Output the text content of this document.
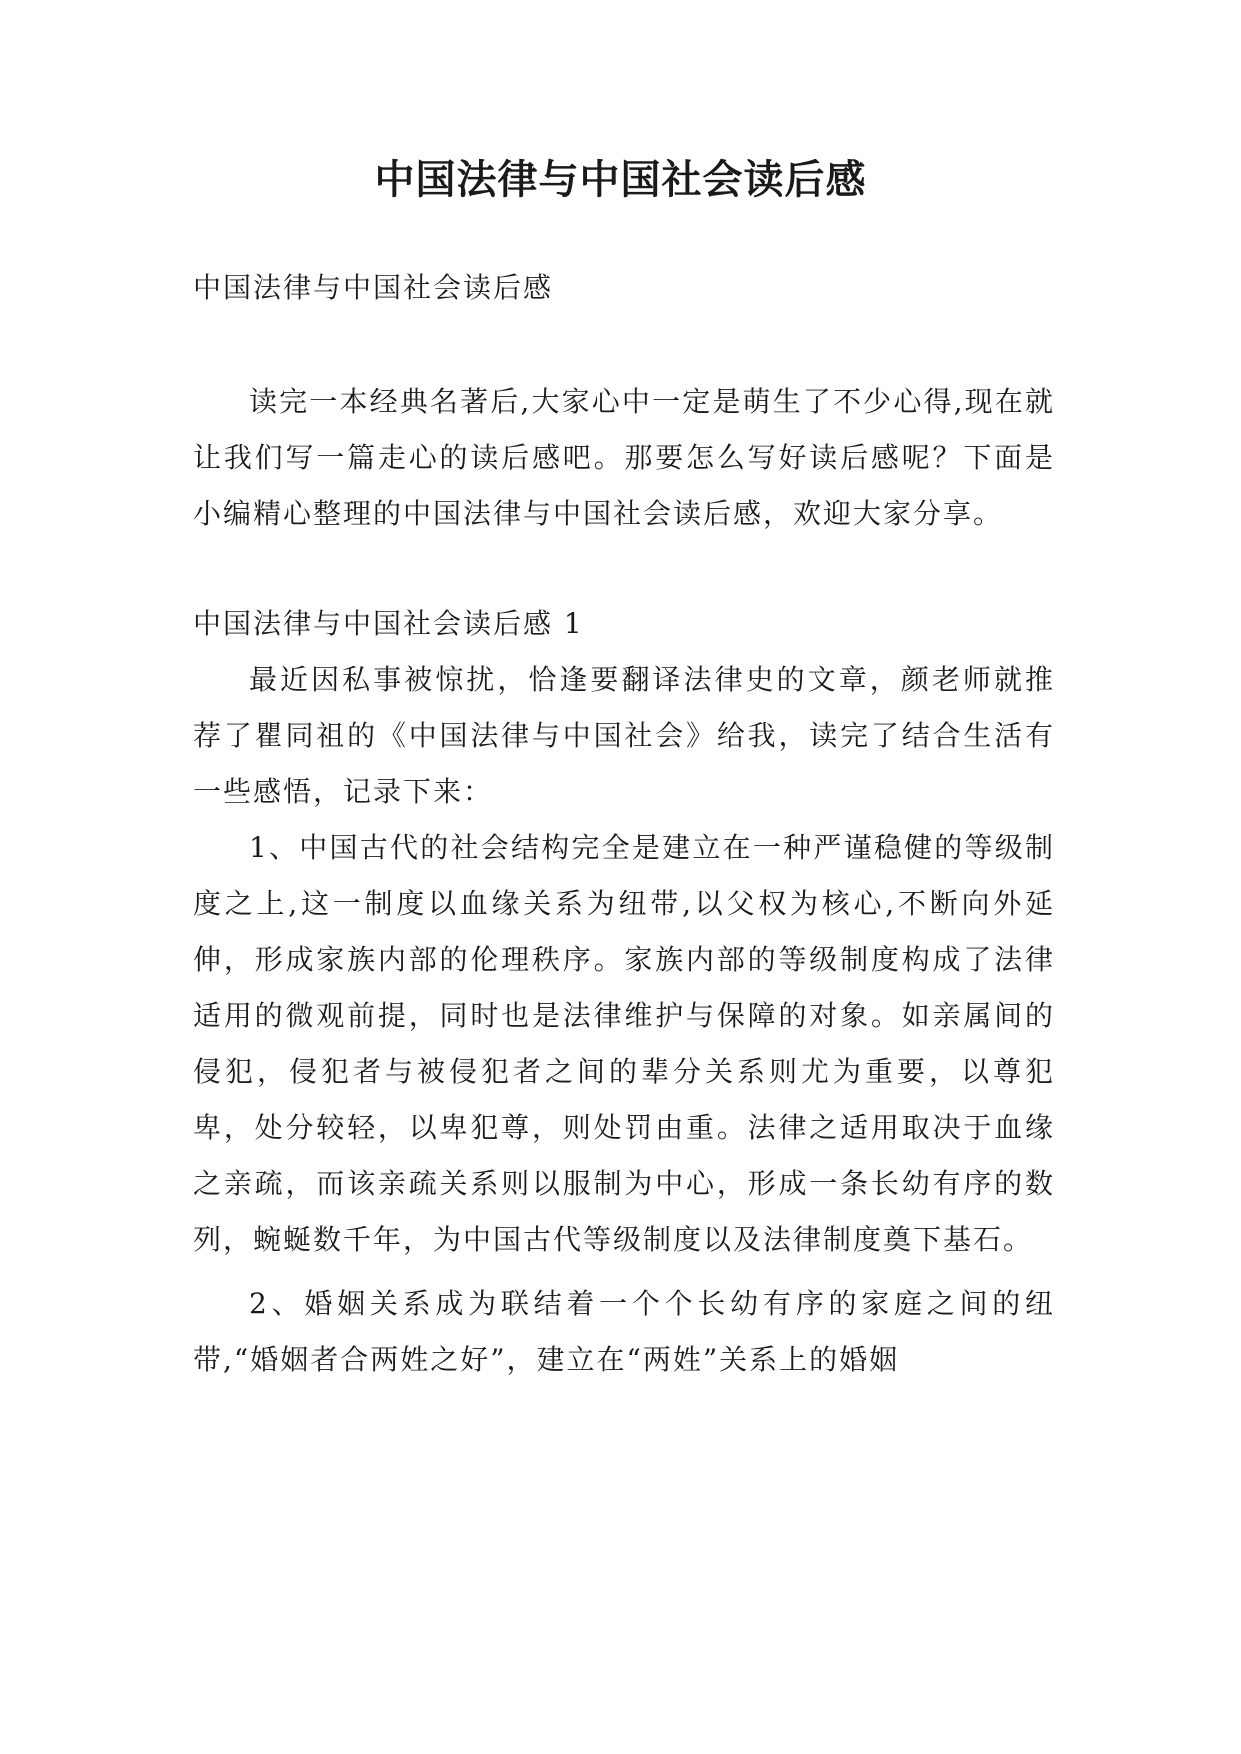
中国法律与中国社会读后感

中国法律与中国社会读后感

读完一本经典名著后,大家心中一定是萌生了不少心得,现在就让我们写一篇走心的读后感吧。那要怎么写好读后感呢？下面是小编精心整理的中国法律与中国社会读后感，欢迎大家分享。

中国法律与中国社会读后感 1

最近因私事被惊扰，恰逢要翻译法律史的文章，颜老师就推荐了瞿同祖的《中国法律与中国社会》给我，读完了结合生活有一些感悟，记录下来：

1、中国古代的社会结构完全是建立在一种严谨稳健的等级制度之上,这一制度以血缘关系为纽带,以父权为核心,不断向外延伸，形成家族内部的伦理秩序。家族内部的等级制度构成了法律适用的微观前提，同时也是法律维护与保障的对象。如亲属间的侵犯，侵犯者与被侵犯者之间的辈分关系则尤为重要，以尊犯卑，处分较轻，以卑犯尊，则处罚由重。法律之适用取决于血缘之亲疏，而该亲疏关系则以服制为中心，形成一条长幼有序的数列，蜿蜒数千年，为中国古代等级制度以及法律制度奠下基石。

2、婚姻关系成为联结着一个个长幼有序的家庭之间的纽带,“婚姻者合两姓之好”，建立在“两姓”关系上的婚姻
